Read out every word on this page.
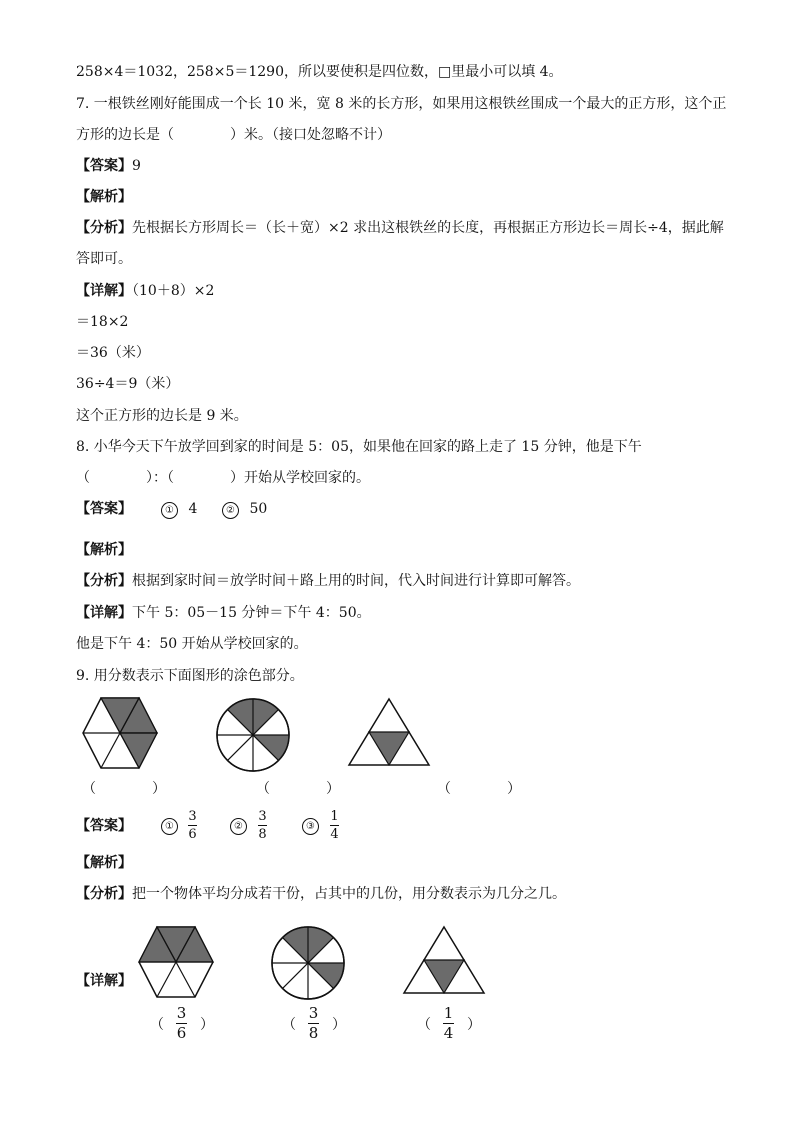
258×4＝1032，258×5＝1290，所以要使积是四位数，□里最小可以填 4。
7. 一根铁丝刚好能围成一个长 10 米，宽 8 米的长方形，如果用这根铁丝围成一个最大的正方形，这个正
方形的边长是（　　　　）米。（接口处忽略不计）
【答案】9
【解析】
【分析】先根据长方形周长＝（长＋宽）×2 求出这根铁丝的长度，再根据正方形边长＝周长÷4，据此解
答即可。
【详解】（10＋8）×2
＝18×2
＝36（米）
36÷4＝9（米）
这个正方形的边长是 9 米。
8. 小华今天下午放学回到家的时间是 5：05，如果他在回家的路上走了 15 分钟，他是下午
（　　　　）：（　　　　）开始从学校回家的。
【答案】	① 4	② 50
【解析】
【分析】根据到家时间＝放学时间＋路上用的时间，代入时间进行计算即可解答。
【详解】下午 5：05－15 分钟＝下午 4：50。
他是下午 4：50 开始从学校回家的。
9. 用分数表示下面图形的涂色部分。
（　　　　）	（　　　　）	（　　　　）
【答案】	①
3
6
②
3
8
③
1
4
【解析】
【分析】把一个物体平均分成若干份，占其中的几份，用分数表示为几分之几。
【详解】
（
3
6 ）	（
3
8 ）	（
1
4 ）
